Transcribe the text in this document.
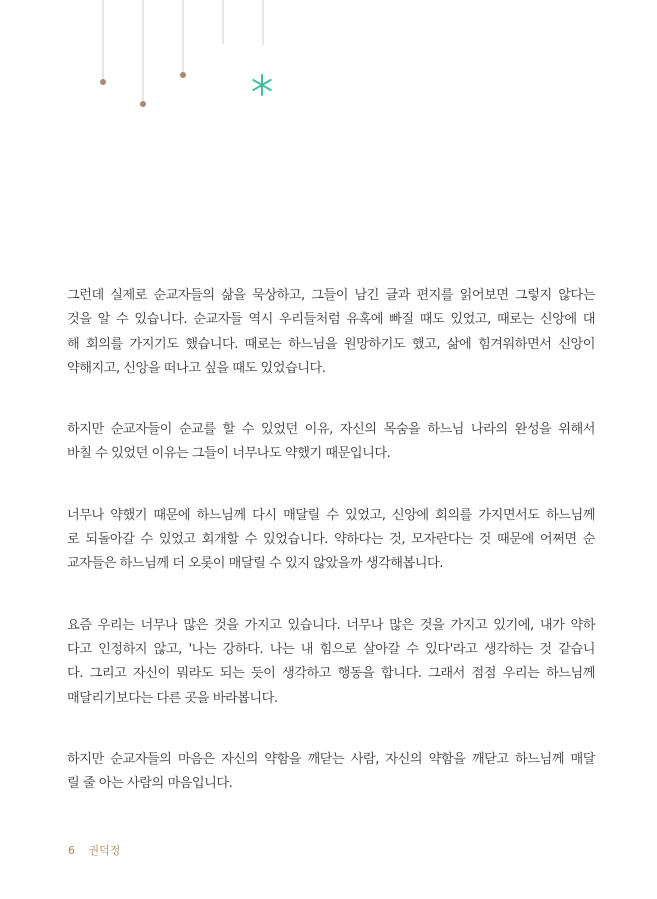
그런데 실제로 순교자들의 삶을 묵상하고, 그들이 남긴 글과 편지를 읽어보면 그렇지 않다는
것을 알 수 있습니다. 순교자들 역시 우리들처럼 유혹에 빠질 때도 있었고, 때로는 신앙에 대
해 회의를 가지기도 했습니다. 때로는 하느님을 원망하기도 했고, 삶에 힘겨워하면서 신앙이
약해지고, 신앙을 떠나고 싶을 때도 있었습니다.

하지만 순교자들이 순교를 할 수 있었던 이유, 자신의 목숨을 하느님 나라의 완성을 위해서
바칠 수 있었던 이유는 그들이 너무나도 약했기 때문입니다.

너무나 약했기 때문에 하느님께 다시 매달릴 수 있었고, 신앙에 회의를 가지면서도 하느님께
로 되돌아갈 수 있었고 회개할 수 있었습니다. 약하다는 것, 모자란다는 것 때문에 어쩌면 순
교자들은 하느님께 더 오롯이 매달릴 수 있지 않았을까 생각해봅니다.

요즘 우리는 너무나 많은 것을 가지고 있습니다. 너무나 많은 것을 가지고 있기에, 내가 약하
다고 인정하지 않고, '나는 강하다. 나는 내 힘으로 살아갈 수 있다'라고 생각하는 것 같습니
다. 그리고 자신이 뭐라도 되는 듯이 생각하고 행동을 합니다. 그래서 점점 우리는 하느님께
매달리기보다는 다른 곳을 바라봅니다.

하지만 순교자들의 마음은 자신의 약함을 깨닫는 사람, 자신의 약함을 깨닫고 하느님께 매달
릴 줄 아는 사람의 마음입니다.

6 권덕정
